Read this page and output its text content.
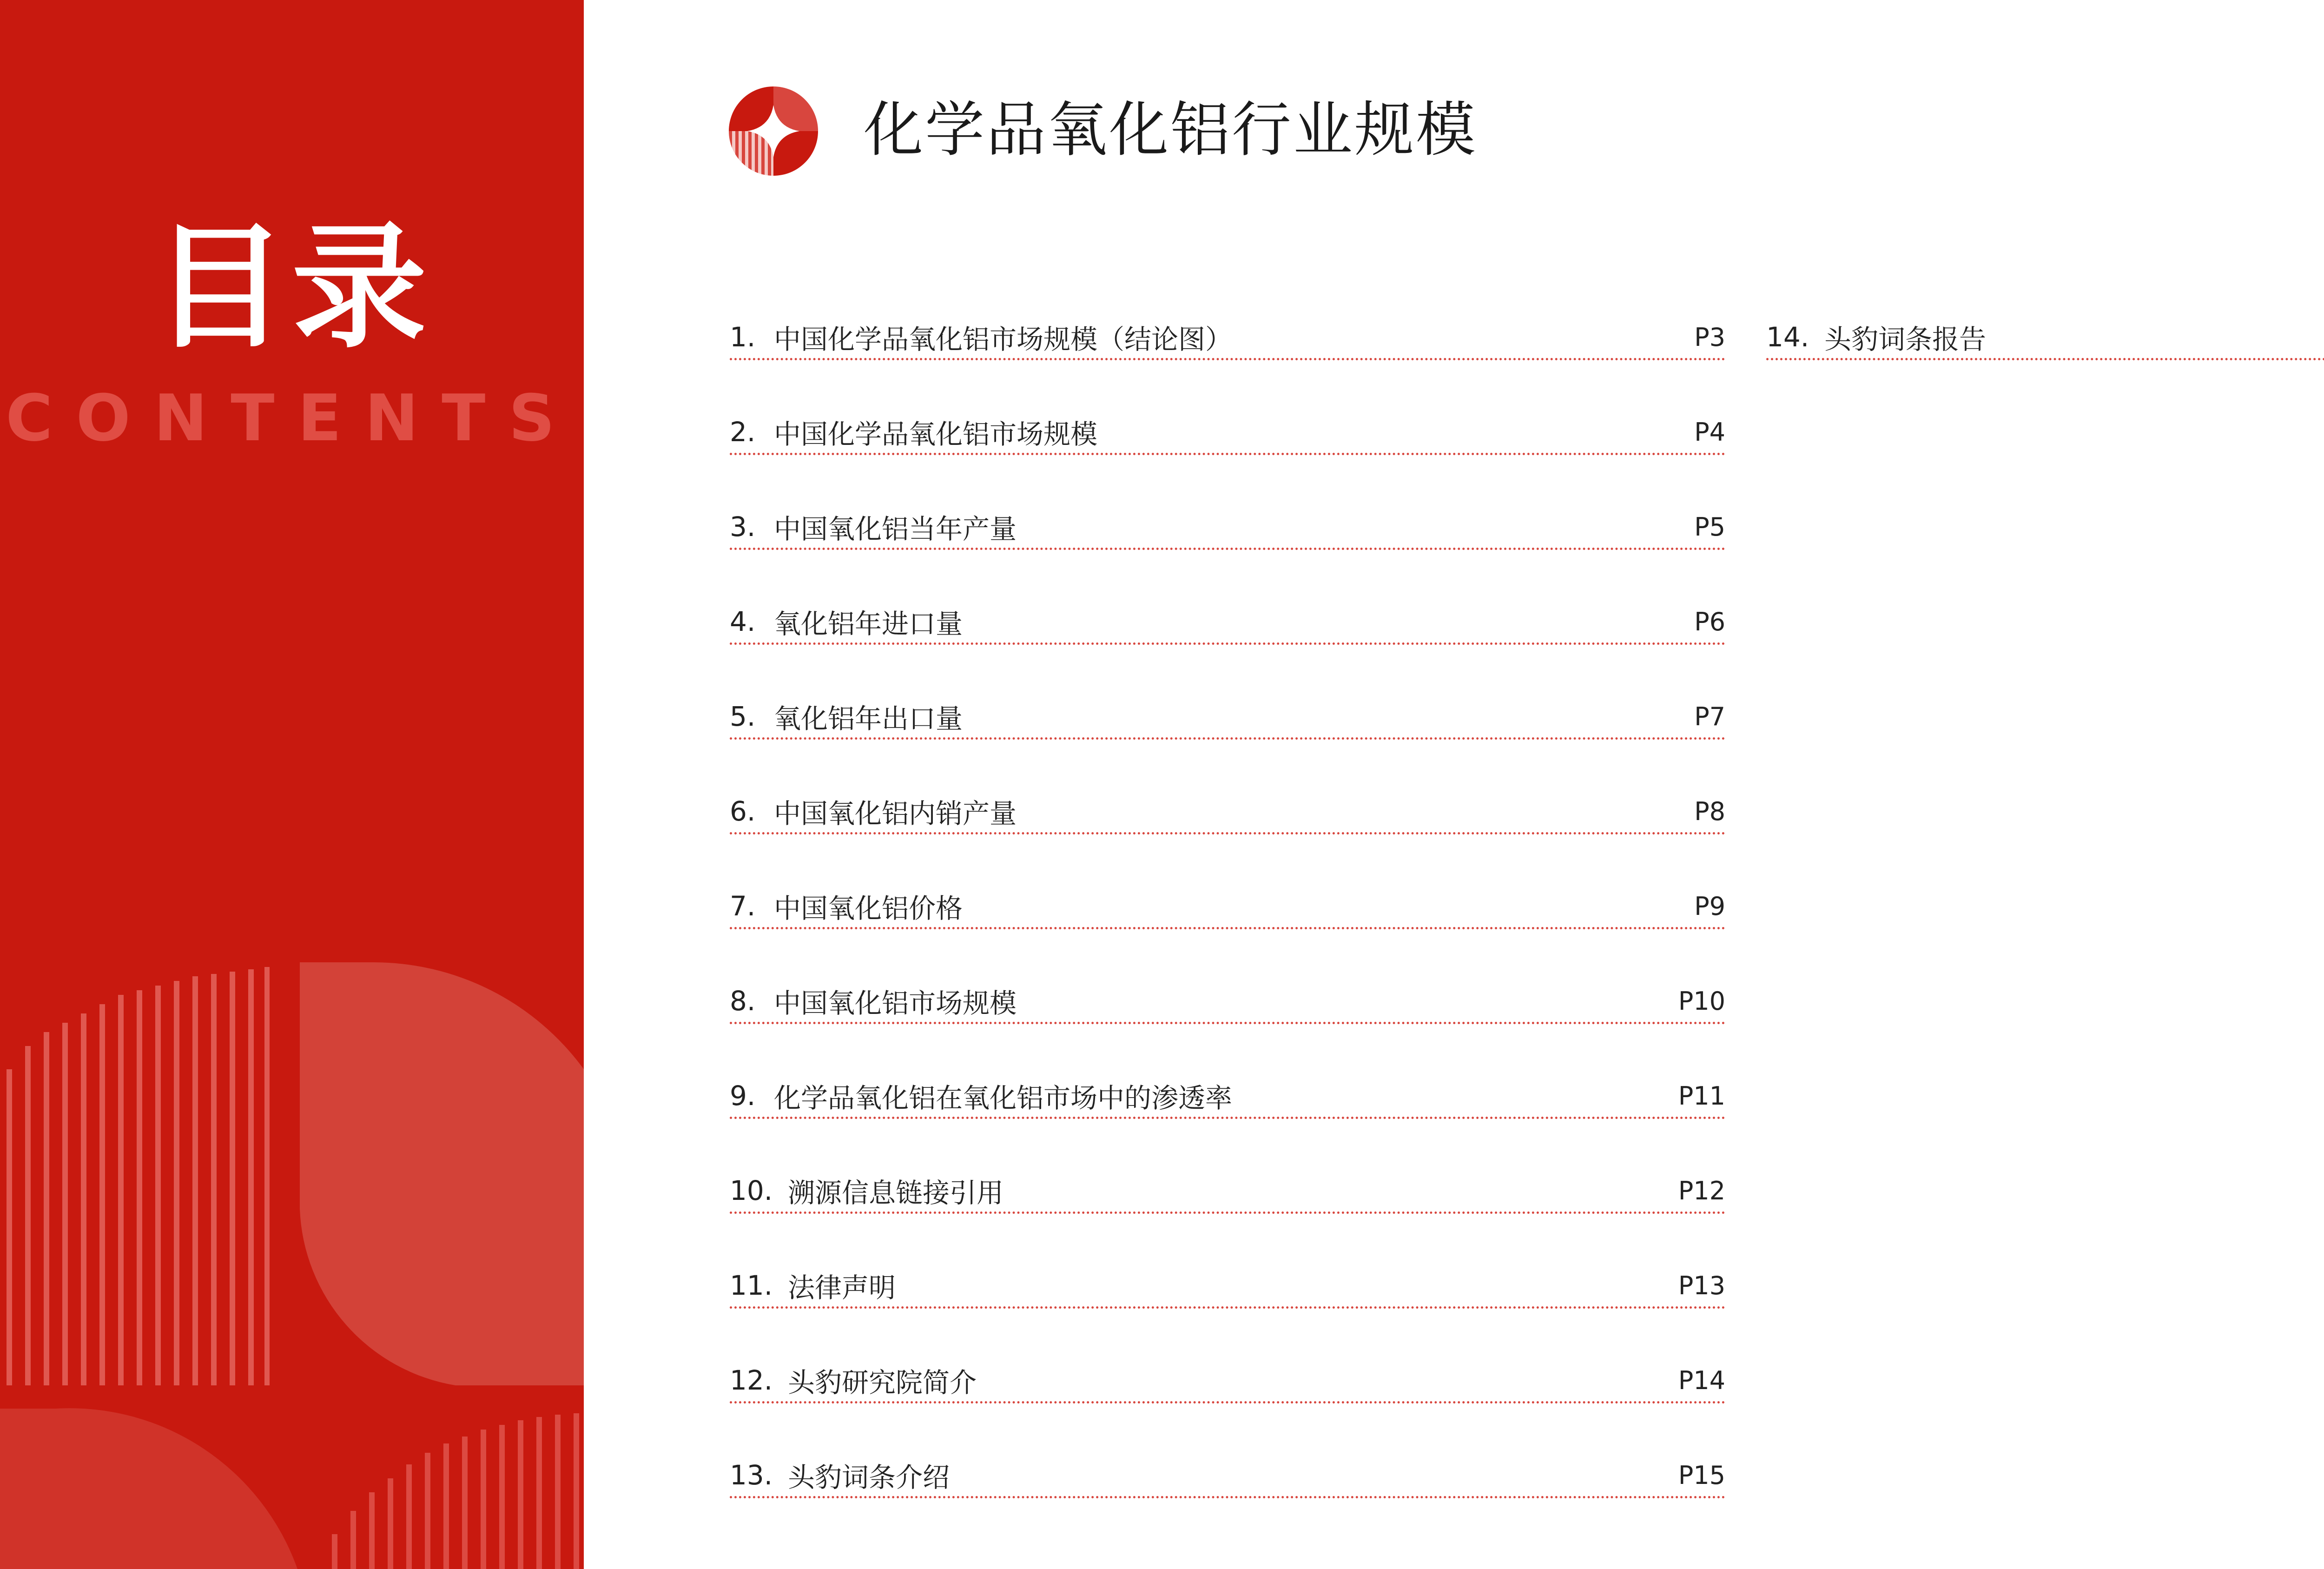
目录
CONTENTS
化学品氧化铝行业规模
1. 中国化学品氧化铝市场规模（结论图）	P3
2. 中国化学品氧化铝市场规模	P4
3. 中国氧化铝当年产量	P5
4. 氧化铝年进口量	P6
5. 氧化铝年出口量	P7
6. 中国氧化铝内销产量	P8
7. 中国氧化铝价格	P9
8. 中国氧化铝市场规模	P10
9. 化学品氧化铝在氧化铝市场中的渗透率	P11
10. 溯源信息链接引用	P12
11. 法律声明	P13
12. 头豹研究院简介	P14
13. 头豹词条介绍	P15
14. 头豹词条报告
